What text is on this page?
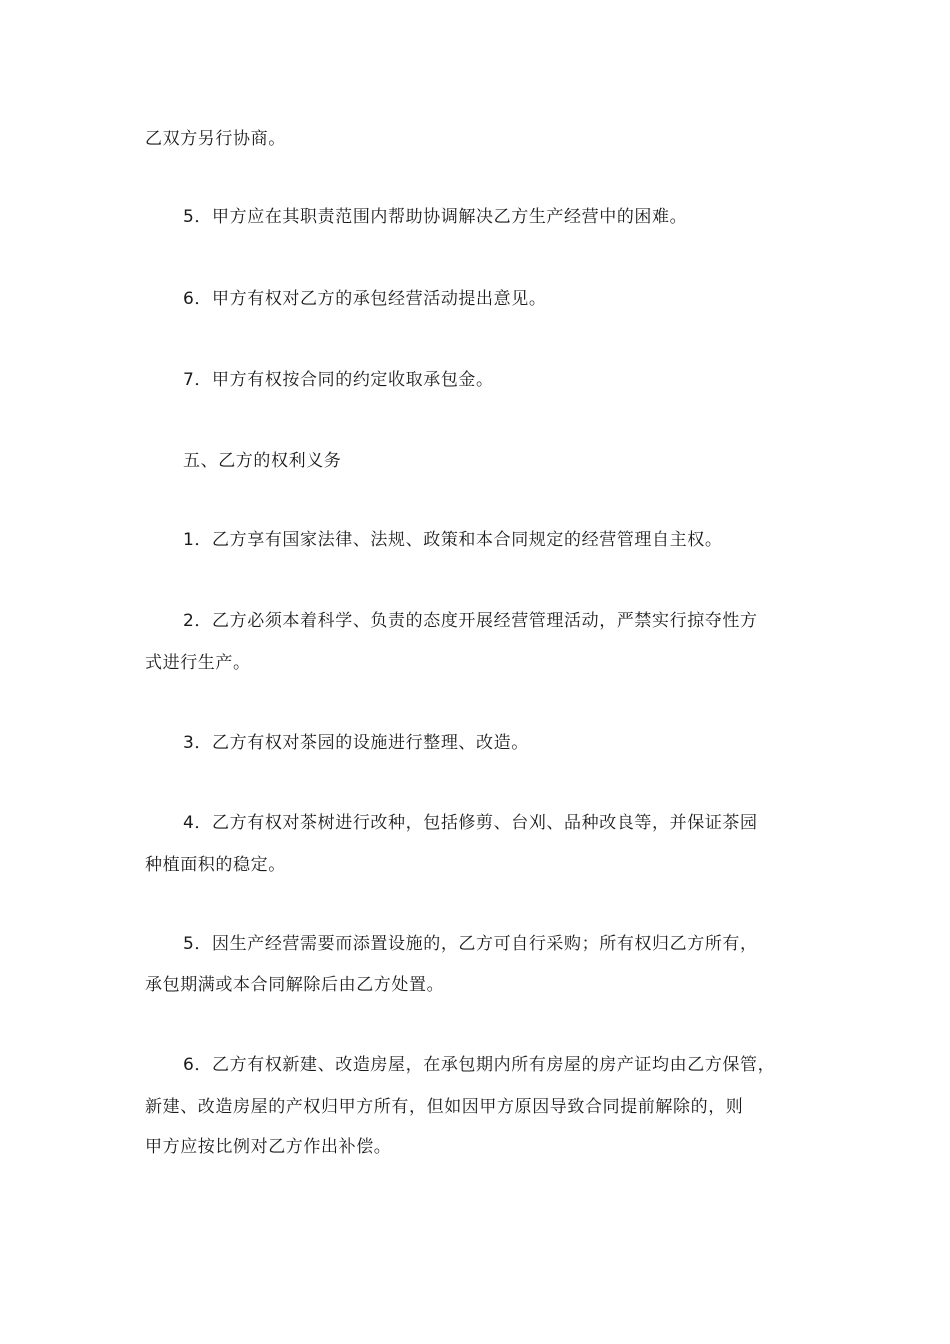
乙双方另行协商。
5．甲方应在其职责范围内帮助协调解决乙方生产经营中的困难。
6．甲方有权对乙方的承包经营活动提出意见。
7．甲方有权按合同的约定收取承包金。
五、乙方的权利义务
1．乙方享有国家法律、法规、政策和本合同规定的经营管理自主权。
2．乙方必须本着科学、负责的态度开展经营管理活动，严禁实行掠夺性方
式进行生产。
3．乙方有权对茶园的设施进行整理、改造。
4．乙方有权对茶树进行改种，包括修剪、台刈、品种改良等，并保证茶园
种植面积的稳定。
5．因生产经营需要而添置设施的，乙方可自行采购；所有权归乙方所有，
承包期满或本合同解除后由乙方处置。
6．乙方有权新建、改造房屋，在承包期内所有房屋的房产证均由乙方保管，
新建、改造房屋的产权归甲方所有，但如因甲方原因导致合同提前解除的，则
甲方应按比例对乙方作出补偿。
